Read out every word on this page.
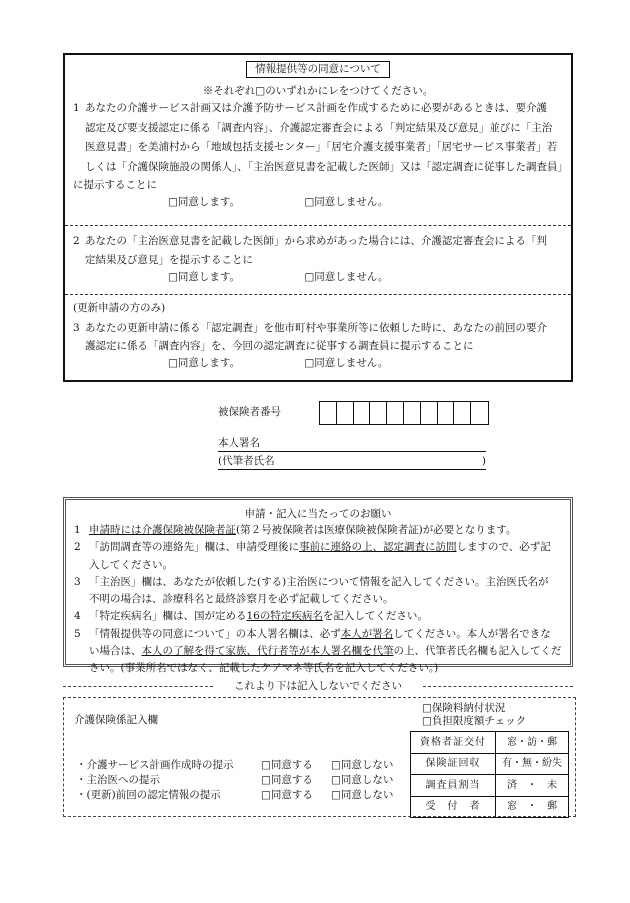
情報提供等の同意について
※それぞれ□のいずれかにレをつけてください。
1 あなたの介護サービス計画又は介護予防サービス計画を作成するために必要があるときは、要介護
認定及び要支援認定に係る「調査内容」、介護認定審査会による「判定結果及び意見」並びに「主治
医意見書」を美浦村から「地域包括支援センター」「居宅介護支援事業者」「居宅サービス事業者」若
しくは「介護保険施設の関係人」、「主治医意見書を記載した医師」又は「認定調査に従事した調査員」
に提示することに
□同意します。	□同意しません。
2 あなたの「主治医意見書を記載した医師」から求めがあった場合には、介護認定審査会による「判
定結果及び意見」を提示することに
□同意します。	□同意しません。
(更新申請の方のみ)
3 あなたの更新申請に係る「認定調査」を他市町村や事業所等に依頼した時に、あなたの前回の要介
護認定に係る「調査内容」を、今回の認定調査に従事する調査員に提示することに
□同意します。	□同意しません。
被保険者番号
本人署名
(代筆者氏名	)
申請・記入に当たってのお願い
1 申請時には介護保険被保険者証(第２号被保険者は医療保険被保険者証)が必要となります。
2 「訪問調査等の連絡先」欄は、申請受理後に事前に連絡の上、認定調査に訪問しますので、必ず記
入してください。
3 「主治医」欄は、あなたが依頼した(する)主治医について情報を記入してください。主治医氏名が
不明の場合は、診療科名と最終診察月を必ず記載してください。
4 「特定疾病名」欄は、国が定める16の特定疾病名を記入してください。
5 「情報提供等の同意について」の本人署名欄は、必ず本人が署名してください。本人が署名できな
い場合は、本人の了解を得て家族、代行者等が本人署名欄を代筆の上、代筆者氏名欄も記入してくだ
さい。(事業所名ではなく、記載したケアマネ等氏名を記入してください。)
これより下は記入しないでください
介護保険係記入欄
□保険料納付状況
□負担限度額チェック
・介護サービス計画作成時の提示	□同意する	□同意しない
・主治医への提示	□同意する	□同意しない
・(更新)前回の認定情報の提示	□同意する	□同意しない
資格者証交付	窓・訪・郵
保険証回収	有・無・紛失
調査員割当	済　・　未
受　付　者	窓　・　郵
